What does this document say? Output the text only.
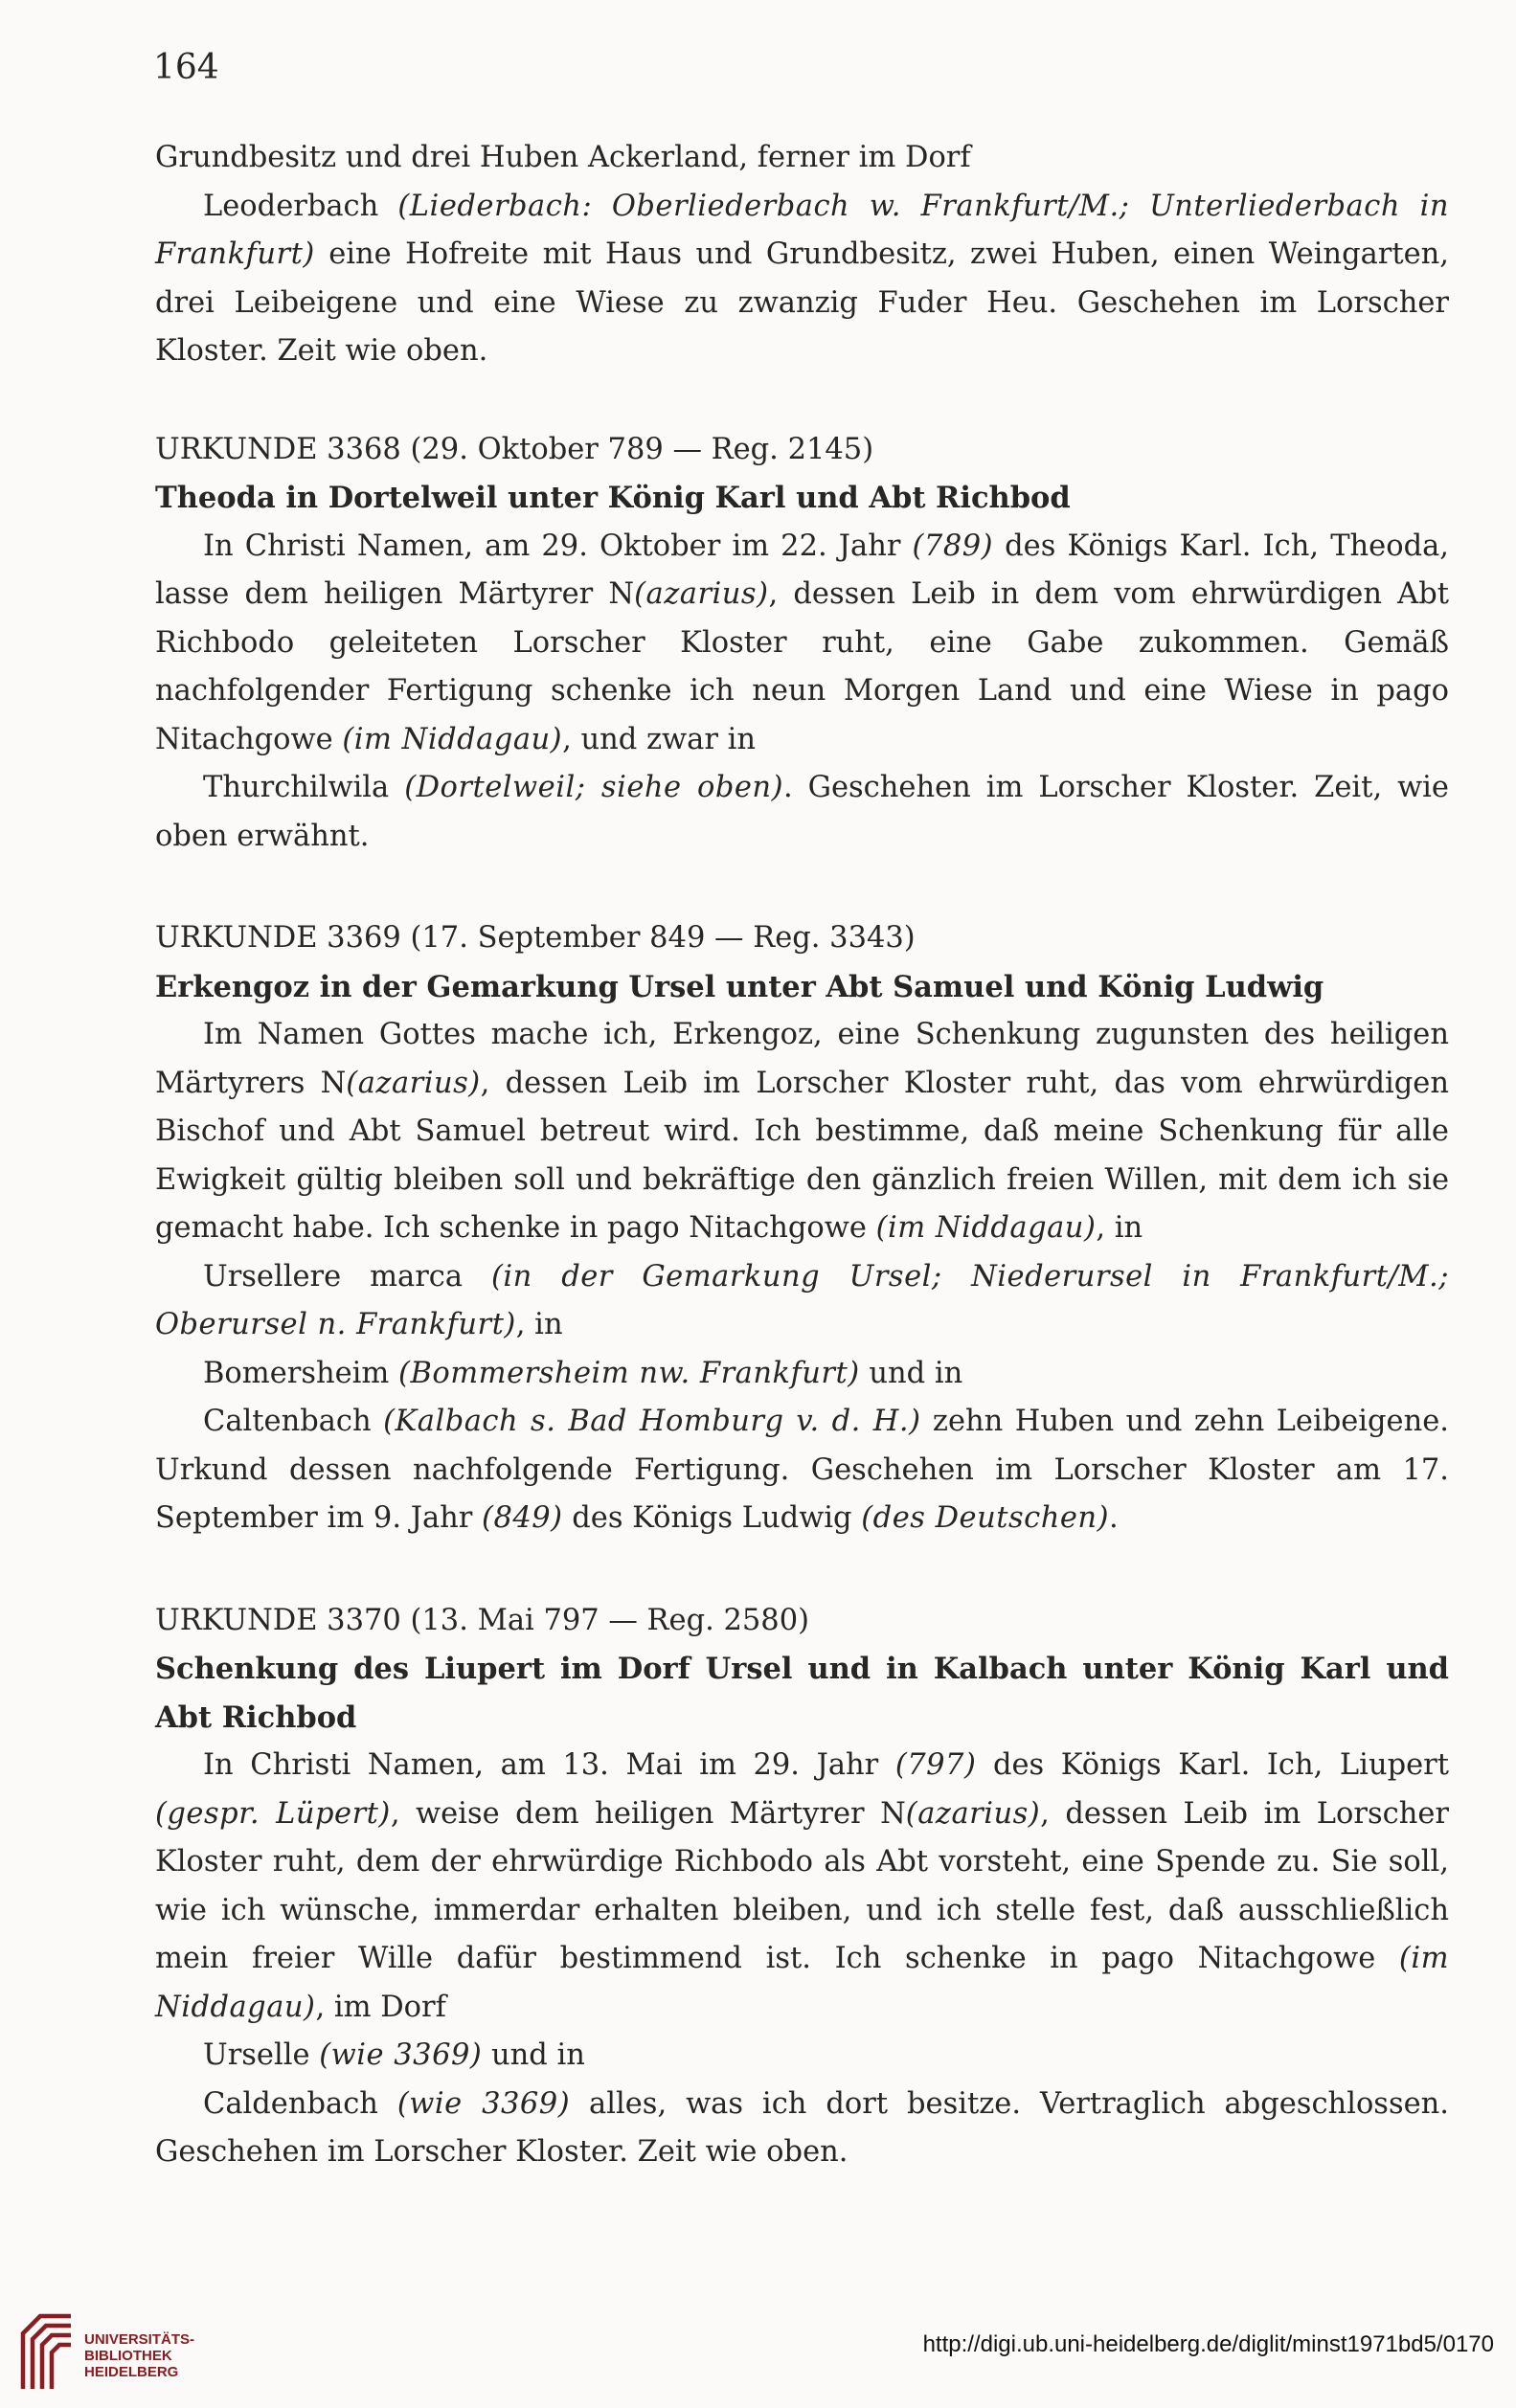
164

Grundbesitz und drei Huben Ackerland, ferner im Dorf

Leoderbach (Liederbach: Oberliederbach w. Frankfurt/M.; Unterliederbach in Frankfurt) eine Hofreite mit Haus und Grundbesitz, zwei Huben, einen Weingarten, drei Leibeigene und eine Wiese zu zwanzig Fuder Heu. Geschehen im Lorscher Kloster. Zeit wie oben.

URKUNDE 3368 (29. Oktober 789 — Reg. 2145)

Theoda in Dortelweil unter König Karl und Abt Richbod

In Christi Namen, am 29. Oktober im 22. Jahr (789) des Königs Karl. Ich, Theoda, lasse dem heiligen Märtyrer N(azarius), dessen Leib in dem vom ehrwürdigen Abt Richbodo geleiteten Lorscher Kloster ruht, eine Gabe zukommen. Gemäß nachfolgender Fertigung schenke ich neun Morgen Land und eine Wiese in pago Nitachgowe (im Niddagau), und zwar in

Thurchilwila (Dortelweil; siehe oben). Geschehen im Lorscher Kloster. Zeit, wie oben erwähnt.

URKUNDE 3369 (17. September 849 — Reg. 3343)

Erkengoz in der Gemarkung Ursel unter Abt Samuel und König Ludwig

Im Namen Gottes mache ich, Erkengoz, eine Schenkung zugunsten des heiligen Märtyrers N(azarius), dessen Leib im Lorscher Kloster ruht, das vom ehrwürdigen Bischof und Abt Samuel betreut wird. Ich bestimme, daß meine Schenkung für alle Ewigkeit gültig bleiben soll und bekräftige den gänzlich freien Willen, mit dem ich sie gemacht habe. Ich schenke in pago Nitachgowe (im Niddagau), in

Ursellere marca (in der Gemarkung Ursel; Niederursel in Frankfurt/M.; Oberursel n. Frankfurt), in

Bomersheim (Bommersheim nw. Frankfurt) und in

Caltenbach (Kalbach s. Bad Homburg v. d. H.) zehn Huben und zehn Leibeigene. Urkund dessen nachfolgende Fertigung. Geschehen im Lorscher Kloster am 17. September im 9. Jahr (849) des Königs Ludwig (des Deutschen).

URKUNDE 3370 (13. Mai 797 — Reg. 2580)

Schenkung des Liupert im Dorf Ursel und in Kalbach unter König Karl und Abt Richbod

In Christi Namen, am 13. Mai im 29. Jahr (797) des Königs Karl. Ich, Liupert (gespr. Lüpert), weise dem heiligen Märtyrer N(azarius), dessen Leib im Lorscher Kloster ruht, dem der ehrwürdige Richbodo als Abt vorsteht, eine Spende zu. Sie soll, wie ich wünsche, immerdar erhalten bleiben, und ich stelle fest, daß ausschließlich mein freier Wille dafür bestimmend ist. Ich schenke in pago Nitachgowe (im Niddagau), im Dorf

Urselle (wie 3369) und in

Caldenbach (wie 3369) alles, was ich dort besitze. Vertraglich abgeschlossen. Geschehen im Lorscher Kloster. Zeit wie oben.

UNIVERSITÄTS-
BIBLIOTHEK
HEIDELBERG
http://digi.ub.uni-heidelberg.de/diglit/minst1971bd5/0170
